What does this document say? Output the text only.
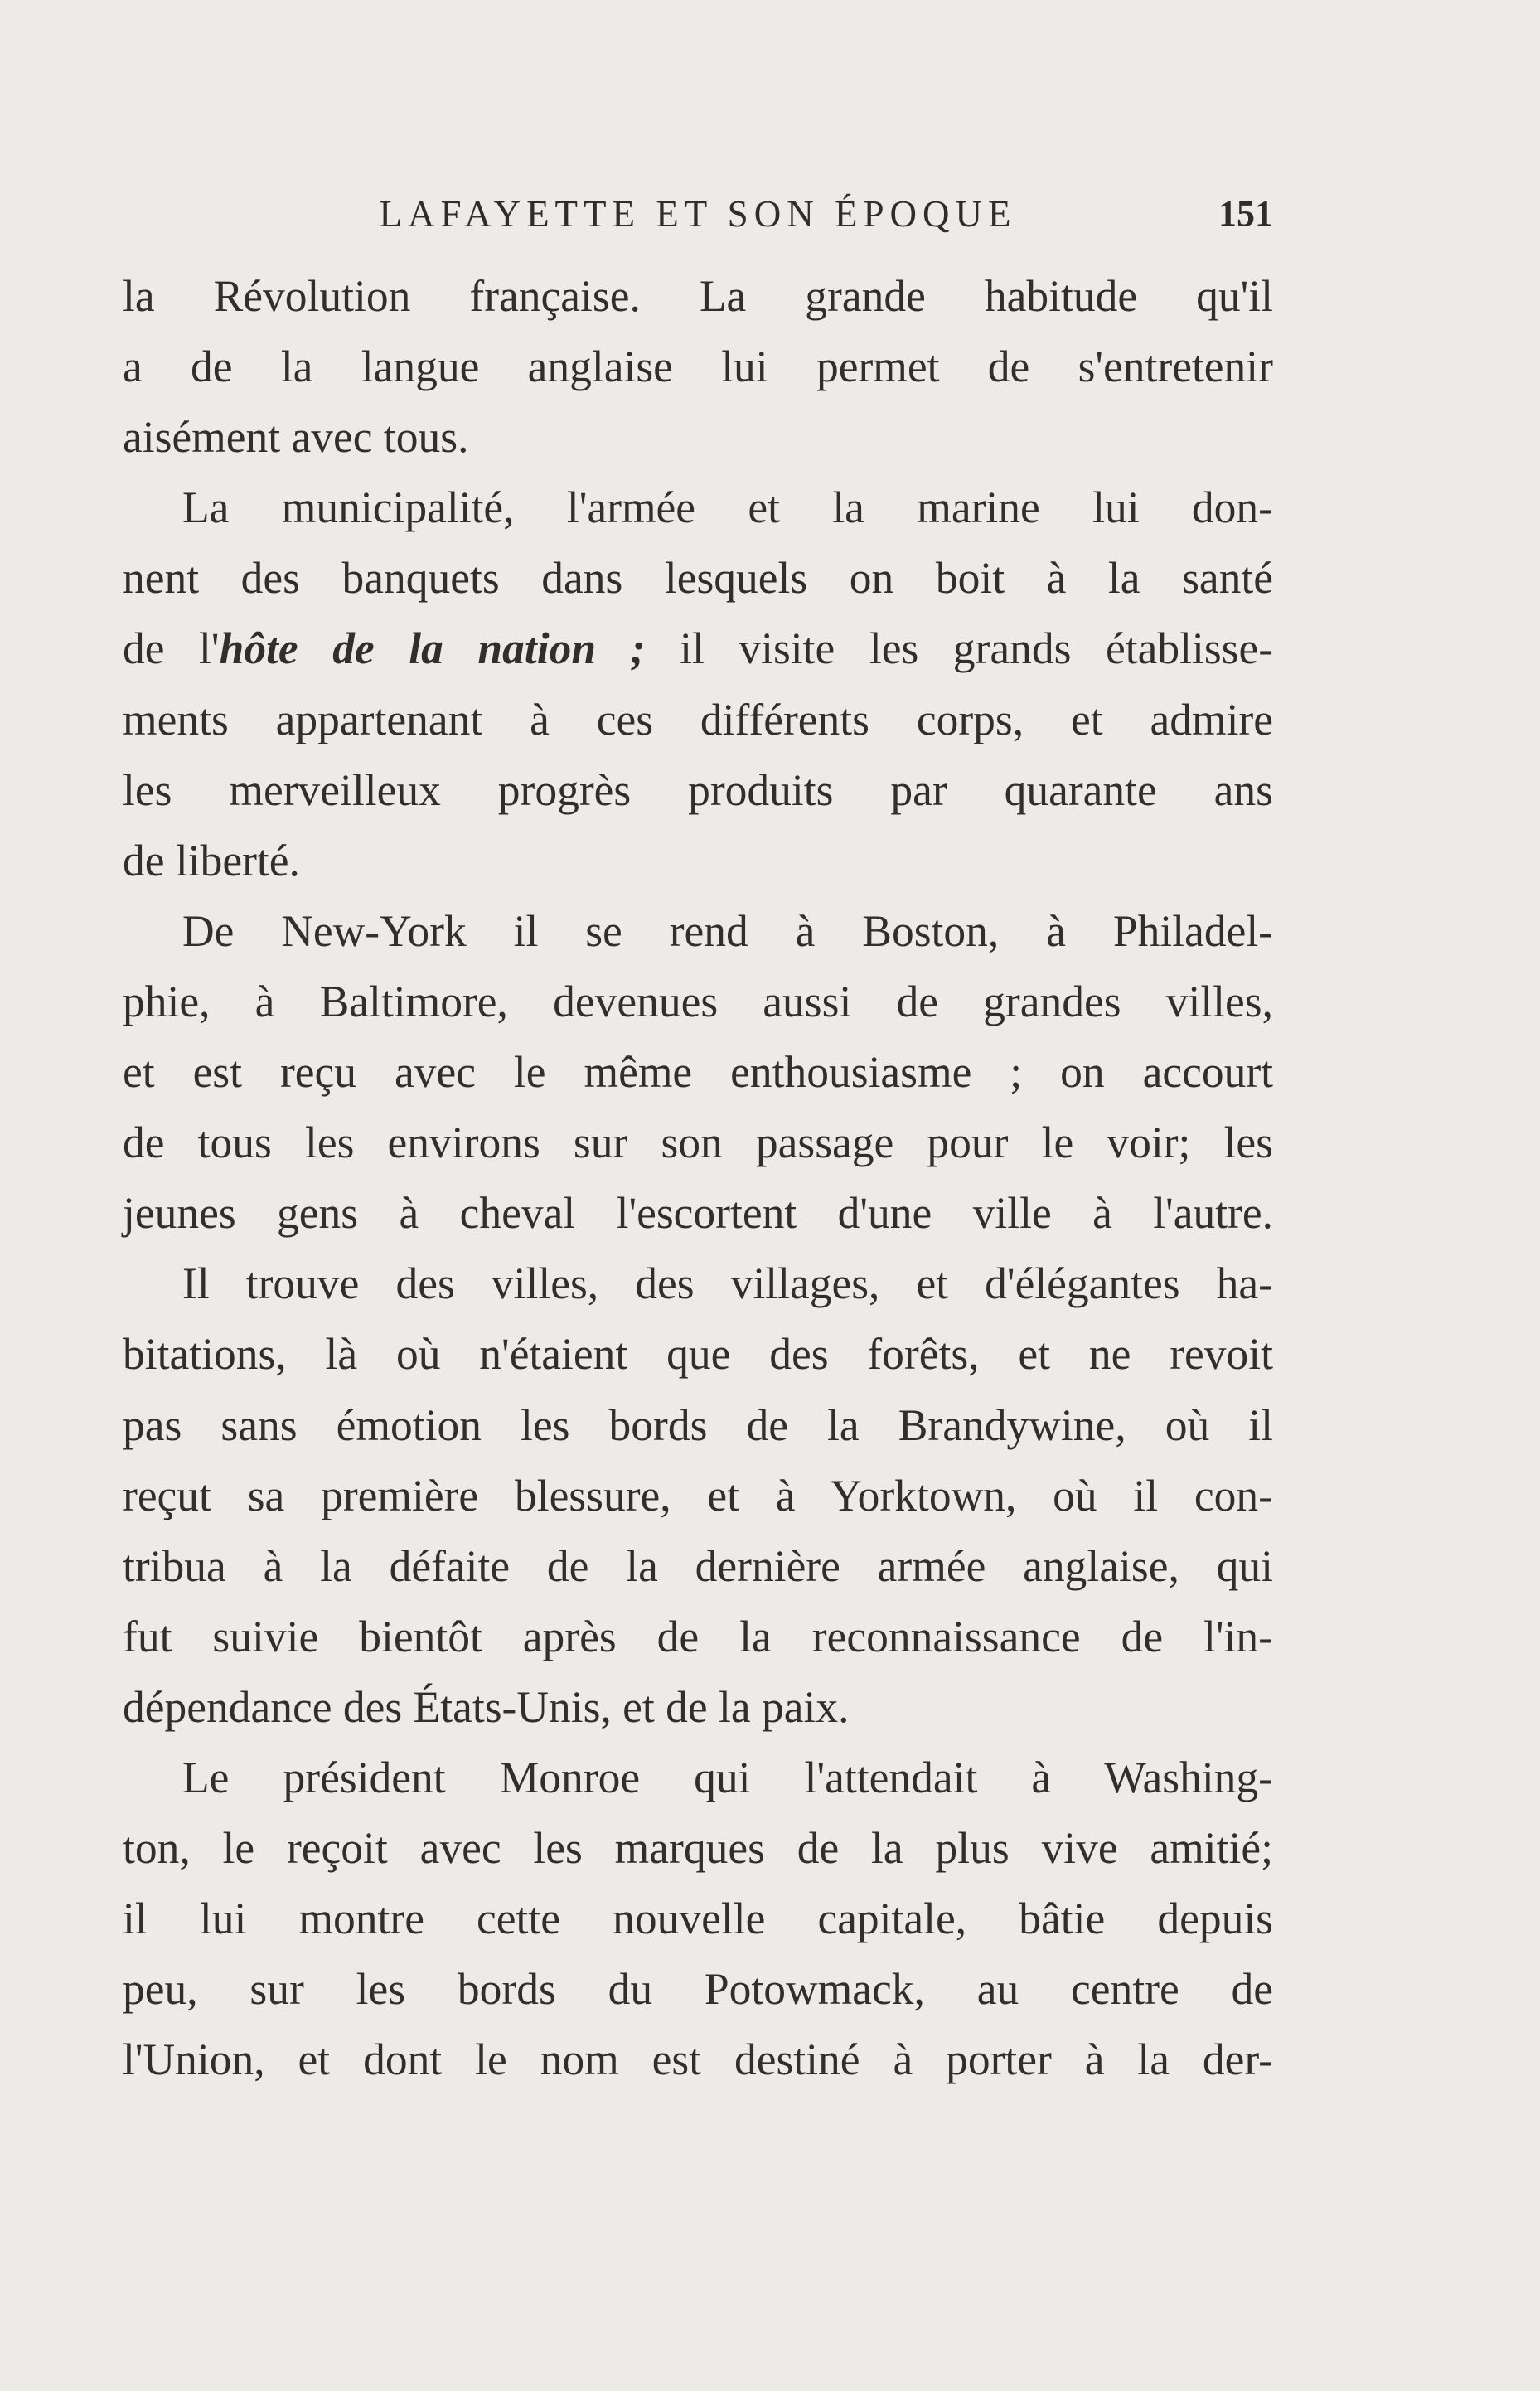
LAFAYETTE ET SON ÉPOQUE	151
la Révolution française. La grande habitude qu'il
a de la langue anglaise lui permet de s'entretenir
aisément avec tous.
La municipalité, l'armée et la marine lui don-
nent des banquets dans lesquels on boit à la santé
de l'hôte de la nation ; il visite les grands établisse-
ments appartenant à ces différents corps, et admire
les merveilleux progrès produits par quarante ans
de liberté.
De New-York il se rend à Boston, à Philadel-
phie, à Baltimore, devenues aussi de grandes villes,
et est reçu avec le même enthousiasme ; on accourt
de tous les environs sur son passage pour le voir; les
jeunes gens à cheval l'escortent d'une ville à l'autre.
Il trouve des villes, des villages, et d'élégantes ha-
bitations, là où n'étaient que des forêts, et ne revoit
pas sans émotion les bords de la Brandywine, où il
reçut sa première blessure, et à Yorktown, où il con-
tribua à la défaite de la dernière armée anglaise, qui
fut suivie bientôt après de la reconnaissance de l'in-
dépendance des États-Unis, et de la paix.
Le président Monroe qui l'attendait à Washing-
ton, le reçoit avec les marques de la plus vive amitié;
il lui montre cette nouvelle capitale, bâtie depuis
peu, sur les bords du Potowmack, au centre de
l'Union, et dont le nom est destiné à porter à la der-
